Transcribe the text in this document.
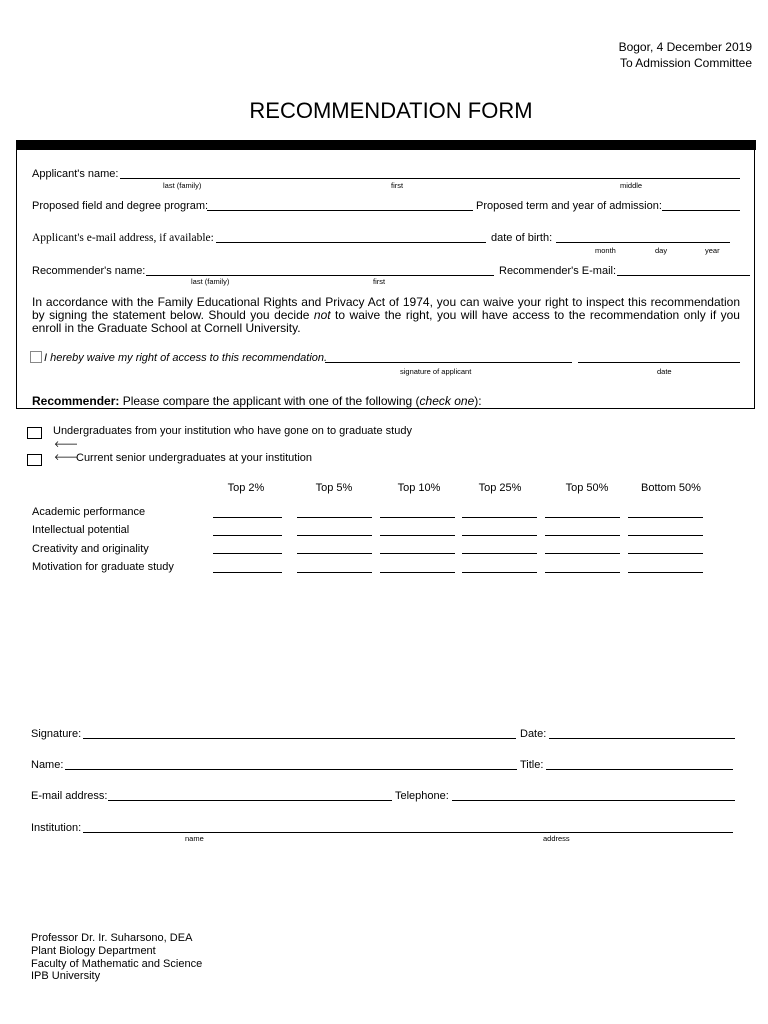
Bogor, 4 December 2019
To Admission Committee
RECOMMENDATION FORM
Applicant's name:
last (family)	first	middle
Proposed field and degree program:	Proposed term and year of admission:
Applicant's e-mail address, if available:	date of birth:
month	day	year
Recommender's name:
last (family)	first
Recommender's E-mail:
In accordance with the Family Educational Rights and Privacy Act of 1974, you can waive your right to inspect this recommendation by signing the statement below. Should you decide not to waive the right, you will have access to the recommendation only if you enroll in the Graduate School at Cornell University.
I hereby waive my right of access to this recommendation.
signature of applicant	date
Recommender: Please compare the applicant with one of the following (check one):
Undergraduates from your institution who have gone on to graduate study
🡐
🡐
Current senior undergraduates at your institution
Top 2%	Top 5%	Top 10%	Top 25%	Top 50%	Bottom 50%
Academic performance
Intellectual potential
Creativity and originality
Motivation for graduate study
Signature:	Date:
Name:	Title:
E-mail address:	Telephone:
Institution:
name	address
Professor Dr. Ir. Suharsono, DEA
Plant Biology Department
Faculty of Mathematic and Science
IPB University
